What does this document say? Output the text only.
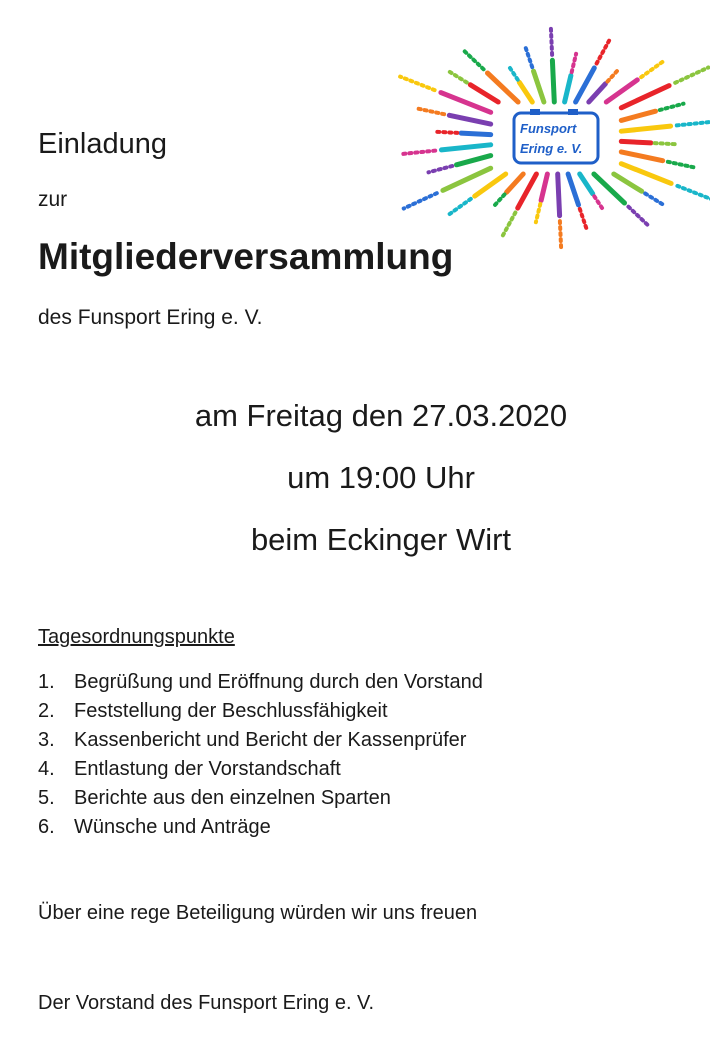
Einladung
zur
Mitgliederversammlung
des Funsport Ering e. V.
am Freitag den 27.03.2020
um 19:00 Uhr
beim Eckinger Wirt
Tagesordnungspunkte
1. Begrüßung und Eröffnung durch den Vorstand
2. Feststellung der Beschlussfähigkeit
3. Kassenbericht und Bericht der Kassenprüfer
4. Entlastung der Vorstandschaft
5. Berichte aus den einzelnen Sparten
6. Wünsche und Anträge
Über eine rege Beteiligung würden wir uns freuen
Der Vorstand des Funsport Ering e. V.
Funsport
Ering e. V.
